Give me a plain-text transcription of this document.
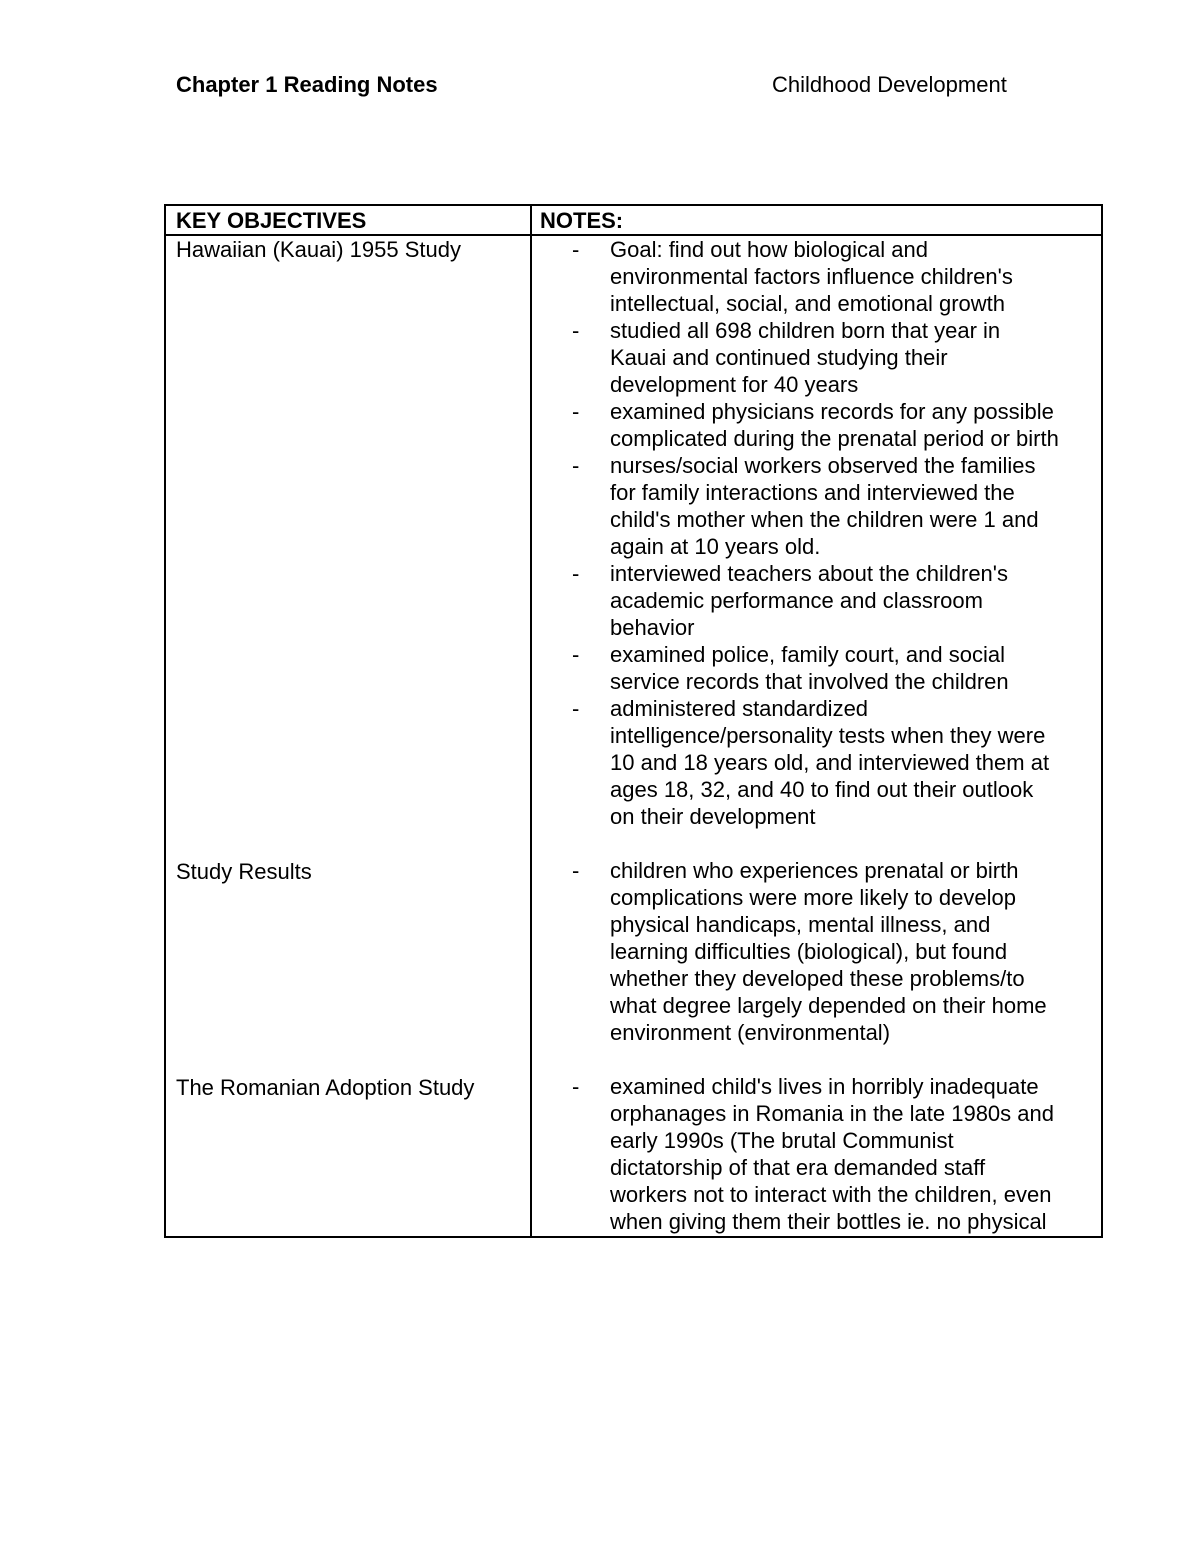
Chapter 1 Reading Notes	Childhood Development
KEY OBJECTIVES	NOTES:
Hawaiian (Kauai) 1955 Study
Study Results
The Romanian Adoption Study
- Goal: find out how biological and
environmental factors influence children's
intellectual, social, and emotional growth
- studied all 698 children born that year in
Kauai and continued studying their
development for 40 years
- examined physicians records for any possible
complicated during the prenatal period or birth
- nurses/social workers observed the families
for family interactions and interviewed the
child's mother when the children were 1 and
again at 10 years old.
- interviewed teachers about the children's
academic performance and classroom
behavior
- examined police, family court, and social
service records that involved the children
- administered standardized
intelligence/personality tests when they were
10 and 18 years old, and interviewed them at
ages 18, 32, and 40 to find out their outlook
on their development
- children who experiences prenatal or birth
complications were more likely to develop
physical handicaps, mental illness, and
learning difficulties (biological), but found
whether they developed these problems/to
what degree largely depended on their home
environment (environmental)
- examined child's lives in horribly inadequate
orphanages in Romania in the late 1980s and
early 1990s (The brutal Communist
dictatorship of that era demanded staff
workers not to interact with the children, even
when giving them their bottles ie. no physical
